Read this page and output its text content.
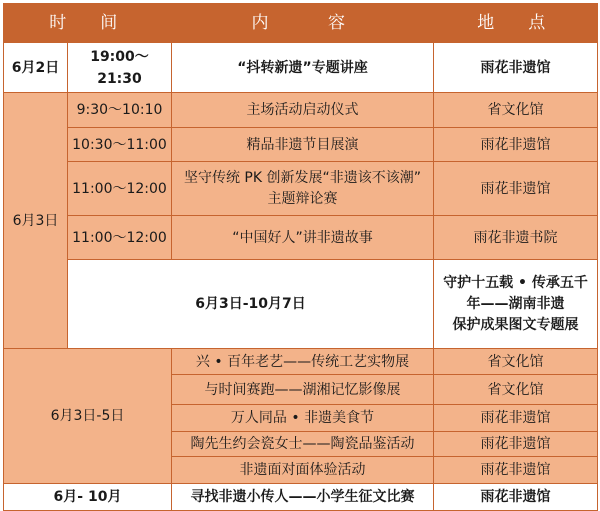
时　间		内　　容	地　点	
6月2日	19:00～21:30	“抖转新遗”专题讲座	雨花非遗馆	
6月3日	9:30～10:10	主场活动启动仪式	省文化馆	
	10:30～11:00	精品非遗节目展演	雨花非遗馆	
	11:00～12:00	坚守传统 PK 创新发展“非遗该不该潮”
主题辩论赛	雨花非遗馆	
	11:00～12:00	“中国好人”讲非遗故事	雨花非遗书院	
	6月3日-10月7日		守护十五载 • 传承五千年——湖南非遗
保护成果图文专题展

6月3日-5日		兴 • 百年老艺——传统工艺实物展	省文化馆	
		与时间赛跑——湖湘记忆影像展	省文化馆	
		万人同品 • 非遗美食节	雨花非遗馆	
		陶先生约会瓷女士——陶瓷品鉴活动	雨花非遗馆	
		非遗面对面体验活动	雨花非遗馆	
6月- 10月		寻找非遗小传人——小学生征文比赛	雨花非遗馆	
